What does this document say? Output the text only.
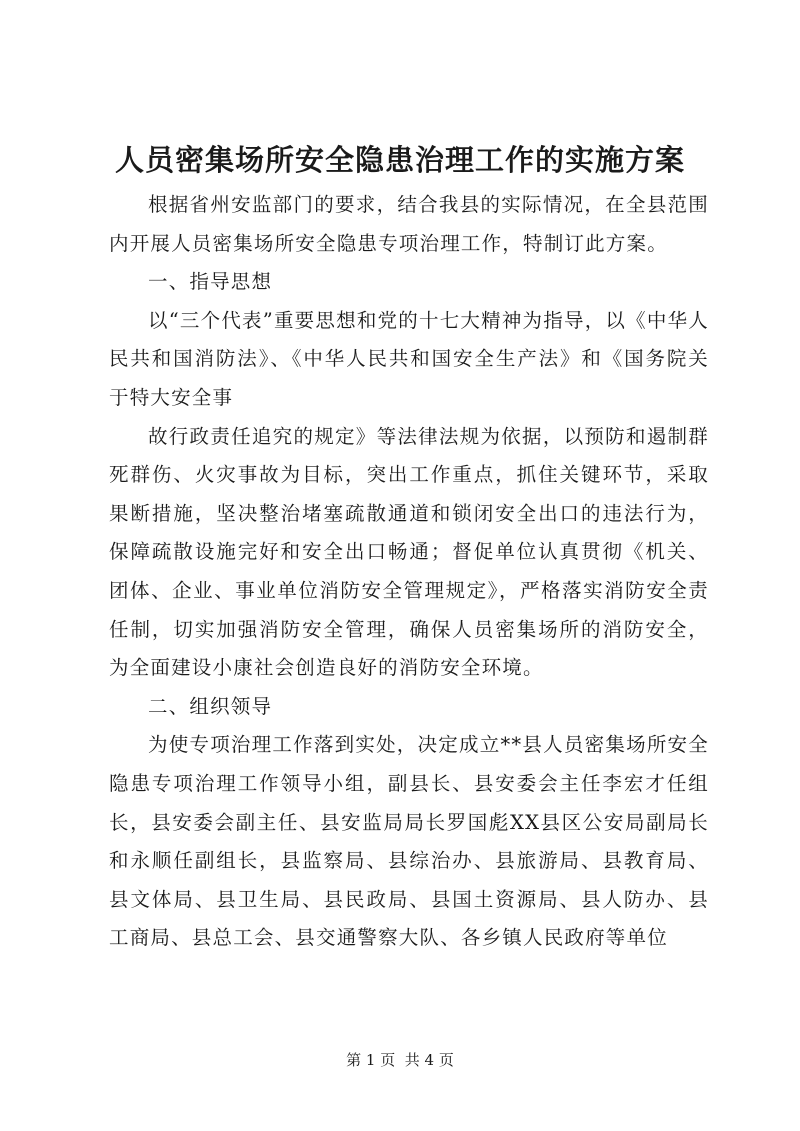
人员密集场所安全隐患治理工作的实施方案

根据省州安监部门的要求，结合我县的实际情况，在全县范围内开展人员密集场所安全隐患专项治理工作，特制订此方案。

一、指导思想

以“三个代表”重要思想和党的十七大精神为指导，以《中华人民共和国消防法》、《中华人民共和国安全生产法》和《国务院关于特大安全事

故行政责任追究的规定》等法律法规为依据，以预防和遏制群死群伤、火灾事故为目标，突出工作重点，抓住关键环节，采取果断措施，坚决整治堵塞疏散通道和锁闭安全出口的违法行为，保障疏散设施完好和安全出口畅通；督促单位认真贯彻《机关、团体、企业、事业单位消防安全管理规定》，严格落实消防安全责任制，切实加强消防安全管理，确保人员密集场所的消防安全，为全面建设小康社会创造良好的消防安全环境。

二、组织领导

为使专项治理工作落到实处，决定成立**县人员密集场所安全隐患专项治理工作领导小组，副县长、县安委会主任李宏才任组长，县安委会副主任、县安监局局长罗国彪XX县区公安局副局长和永顺任副组长，县监察局、县综治办、县旅游局、县教育局、县文体局、县卫生局、县民政局、县国土资源局、县人防办、县工商局、县总工会、县交通警察大队、各乡镇人民政府等单位

第 1 页 共 4 页
